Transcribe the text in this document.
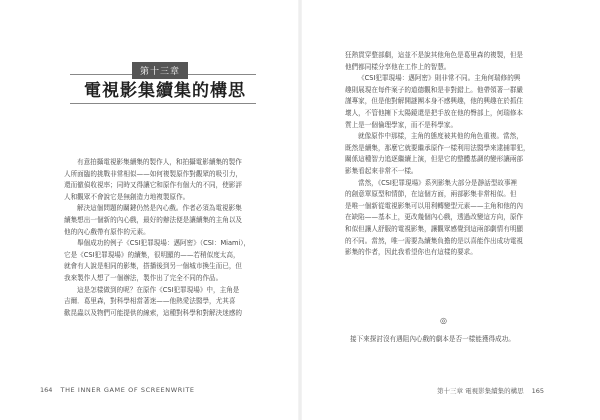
第十三章
電視影集續集的構思

有意拍攝電視影集續集的製作人，和拍攝電影續集的製作

人所面臨的挑戰非常相似——如何複製原作對觀眾的吸引力，
還而徹偵收視率；同時又得讓它和原作有個大的不同，使影評
人和觀眾不會說它是無創造力地複製原作。

解決這個問題的關鍵仍然是內心戲。作者必須為電視影集

續集想出一個新的內心戲，最好的辦法便是讓續集的主角以及
他的內心戲帶有原作的元素。

舉個成功的例子《CSI犯罪現場：邁阿密》（CSI：Miami），

它是《CSI犯罪現場》的續集，很明顯的——若稍似度太高，
就會有人說是相同的影集，搭播後到另一個城市換生而已，但
我來製作人想了一個辦法，製作出了完全不同的作品。

這是怎樣做到的呢？在原作《CSI犯罪現場》中，主角是

吉爾．葛里森，對科學相當著迷——他熱愛法醫學，尤其喜
歡昆蟲以及物們可能提供的線索，這種對科學和對解決迷感的
164 THE INNER GAME OF SCREENWRITE
狂熱貫穿整部劇，這並不是說其他角色是葛里森的複製，但是
他們都同樣分享他在工作上的智慧。

《CSI犯罪現場：邁阿密》則非常不同。主角何瑞修的興

趣則展現在每件案子的道德觀和是非對錯上。他帶領著一群嚴
謹專家，但是他對解開謎團本身不感興趣，他的興趣在於抓住
壞人，不管他擁下太陽鏡還是把手放在他的臀部上，何瑞修本
質上是一個倫理學家，而不是科學家。

就像原作中那樣，主角的態度被其他的角色重複。當然，

既然是續集，那麼它就要繼承原作一樣利用法醫學來逮捕罪犯，
關係這種智力追逐繼續上演，但是它的整體基調的變形讓兩部
影集看起來非常不一樣。

當然，《CSI犯罪現場》系列影集大部分是靜話型故事裡

的創意單原型和情節，在這個方面，兩部影集非常相似。但
是唯一個新從電視影集可以用利轉變型元素——主角和他的內
在缺陷——基本上，更改幾個內心戲，透過改變這方向，原作
和似但讓人舒服的電視影集，讓觀眾感覺到這兩部劇情有明顯
的不同。當然，唯一需要為續集負擔的是以喜能作出成功電視
影集的作者，因此我希望你也有這樣的要求。
◎
接下來探討沒有遇阻內心戲的劇本是否一樣能獲得成功。
第十三章 電視影集續集的構思 165
